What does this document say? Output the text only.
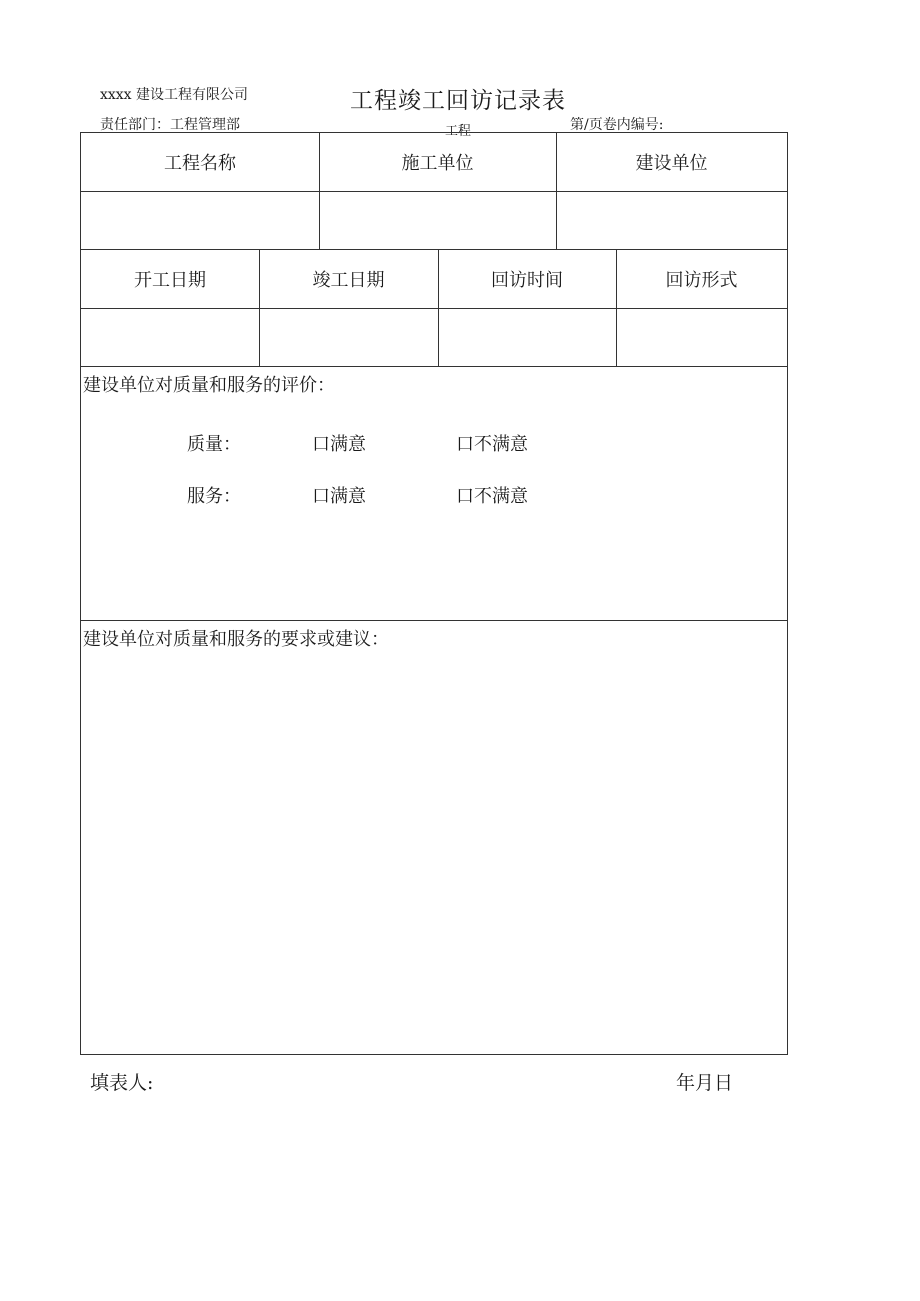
xxxx 建设工程有限公司	工程竣工回访记录表
责任部门：工程管理部	工程	第/页卷内编号:
工程名称	施工单位	建设单位
开工日期	竣工日期	回访时间	回访形式
建设单位对质量和服务的评价：
质量：	口满意	口不满意
服务：	口满意	口不满意
建设单位对质量和服务的要求或建议：
填表人:	年月日
